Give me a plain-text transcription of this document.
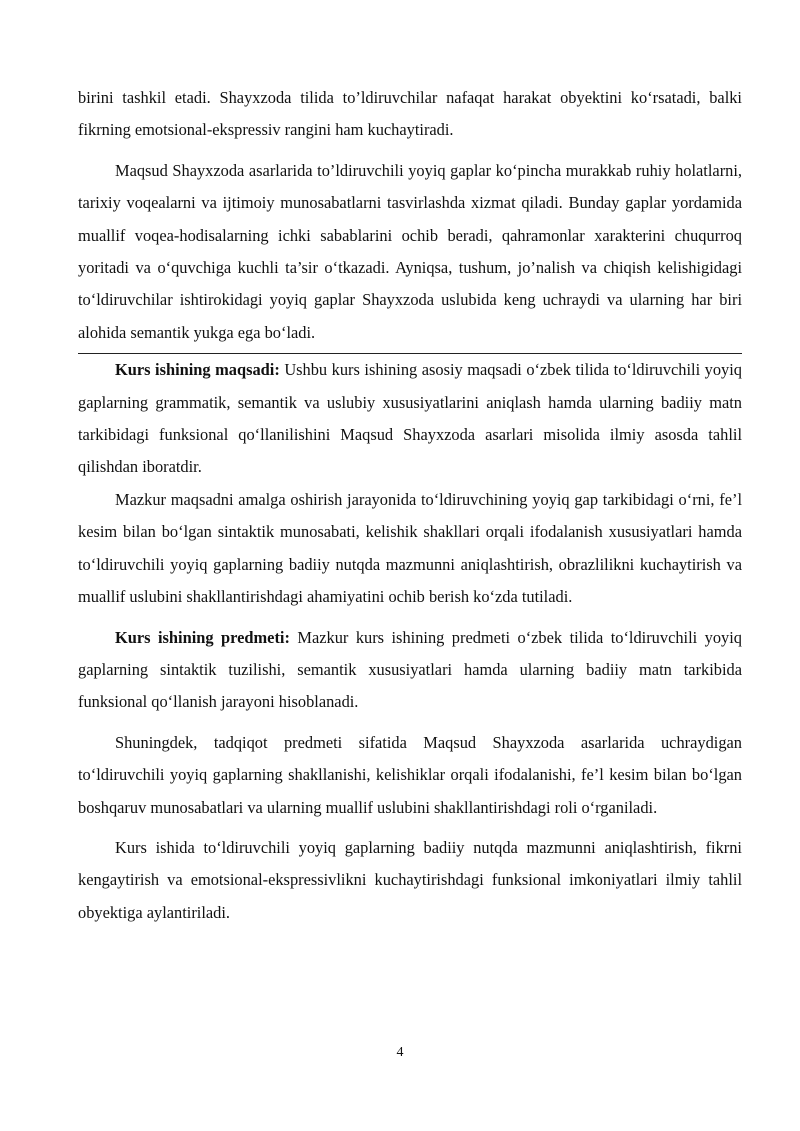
birini tashkil etadi. Shayxzoda tilida to’ldiruvchilar nafaqat harakat obyektini ko‘rsatadi, balki fikrning emotsional-ekspressiv rangini ham kuchaytiradi.

Maqsud Shayxzoda asarlarida to’ldiruvchili yoyiq gaplar ko‘pincha murakkab ruhiy holatlarni, tarixiy voqealarni va ijtimoiy munosabatlarni tasvirlashda xizmat qiladi. Bunday gaplar yordamida muallif voqea-hodisalarning ichki sabablarini ochib beradi, qahramonlar xarakterini chuqurroq yoritadi va o‘quvchiga kuchli ta’sir o‘tkazadi. Ayniqsa, tushum, jo’nalish va chiqish kelishigidagi to‘ldiruvchilar ishtirokidagi yoyiq gaplar Shayxzoda uslubida keng uchraydi va ularning har biri alohida semantik yukga ega bo‘ladi.

Kurs ishining maqsadi: Ushbu kurs ishining asosiy maqsadi o‘zbek tilida to‘ldiruvchili yoyiq gaplarning grammatik, semantik va uslubiy xususiyatlarini aniqlash hamda ularning badiiy matn tarkibidagi funksional qo‘llanilishini Maqsud Shayxzoda asarlari misolida ilmiy asosda tahlil qilishdan iboratdir.

Mazkur maqsadni amalga oshirish jarayonida to‘ldiruvchining yoyiq gap tarkibidagi o‘rni, fe’l kesim bilan bo‘lgan sintaktik munosabati, kelishik shakllari orqali ifodalanish xususiyatlari hamda to‘ldiruvchili yoyiq gaplarning badiiy nutqda mazmunni aniqlashtirish, obrazlilikni kuchaytirish va muallif uslubini shakllantirishdagi ahamiyatini ochib berish ko‘zda tutiladi.

Kurs ishining predmeti: Mazkur kurs ishining predmeti o‘zbek tilida to‘ldiruvchili yoyiq gaplarning sintaktik tuzilishi, semantik xususiyatlari hamda ularning badiiy matn tarkibida funksional qo‘llanish jarayoni hisoblanadi.

Shuningdek, tadqiqot predmeti sifatida Maqsud Shayxzoda asarlarida uchraydigan to‘ldiruvchili yoyiq gaplarning shakllanishi, kelishiklar orqali ifodalanishi, fe’l kesim bilan bo‘lgan boshqaruv munosabatlari va ularning muallif uslubini shakllantirishdagi roli o‘rganiladi.

Kurs ishida to‘ldiruvchili yoyiq gaplarning badiiy nutqda mazmunni aniqlashtirish, fikrni kengaytirish va emotsional-ekspressivlikni kuchaytirishdagi funksional imkoniyatlari ilmiy tahlil obyektiga aylantiriladi.

4
